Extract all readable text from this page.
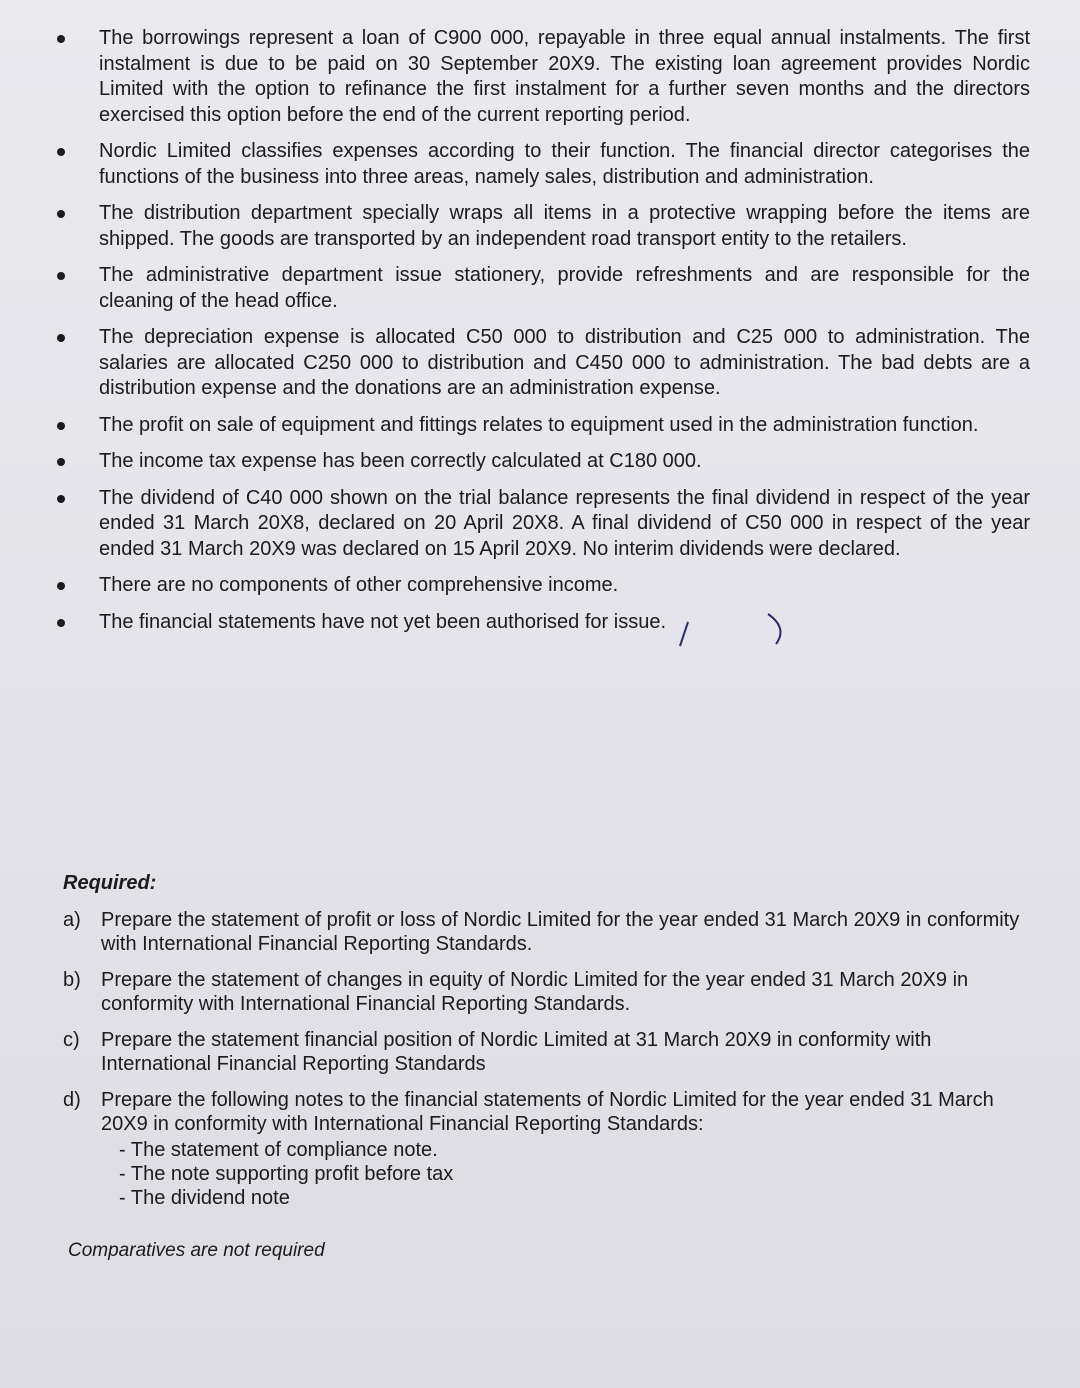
The borrowings represent a loan of C900 000, repayable in three equal annual instalments. The first instalment is due to be paid on 30 September 20X9. The existing loan agreement provides Nordic Limited with the option to refinance the first instalment for a further seven months and the directors exercised this option before the end of the current reporting period.
Nordic Limited classifies expenses according to their function. The financial director categorises the functions of the business into three areas, namely sales, distribution and administration.
The distribution department specially wraps all items in a protective wrapping before the items are shipped. The goods are transported by an independent road transport entity to the retailers.
The administrative department issue stationery, provide refreshments and are responsible for the cleaning of the head office.
The depreciation expense is allocated C50 000 to distribution and C25 000 to administration. The salaries are allocated C250 000 to distribution and C450 000 to administration. The bad debts are a distribution expense and the donations are an administration expense.
The profit on sale of equipment and fittings relates to equipment used in the administration function.
The income tax expense has been correctly calculated at C180 000.
The dividend of C40 000 shown on the trial balance represents the final dividend in respect of the year ended 31 March 20X8, declared on 20 April 20X8. A final dividend of C50 000 in respect of the year ended 31 March 20X9 was declared on 15 April 20X9. No interim dividends were declared.
There are no components of other comprehensive income.
The financial statements have not yet been authorised for issue.
Required:
a) Prepare the statement of profit or loss of Nordic Limited for the year ended 31 March 20X9 in conformity with International Financial Reporting Standards.
b) Prepare the statement of changes in equity of Nordic Limited for the year ended 31 March 20X9 in conformity with International Financial Reporting Standards.
c) Prepare the statement financial position of Nordic Limited at 31 March 20X9 in conformity with International Financial Reporting Standards
d) Prepare the following notes to the financial statements of Nordic Limited for the year ended 31 March 20X9 in conformity with International Financial Reporting Standards:
- The statement of compliance note.
- The note supporting profit before tax
- The dividend note
Comparatives are not required
